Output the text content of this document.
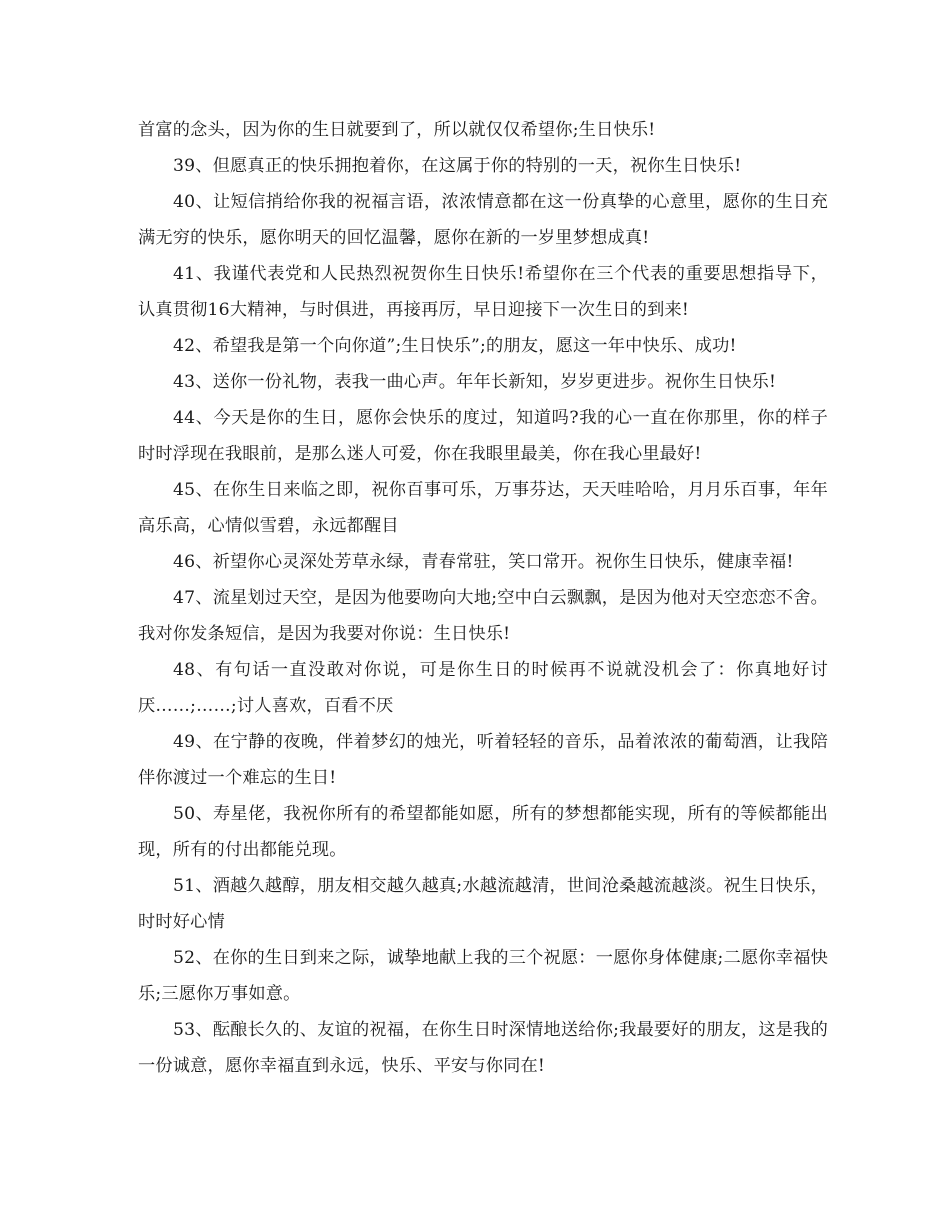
首富的念头，因为你的生日就要到了，所以就仅仅希望你;生日快乐!

39、但愿真正的快乐拥抱着你，在这属于你的特别的一天，祝你生日快乐!

40、让短信捎给你我的祝福言语，浓浓情意都在这一份真挚的心意里，愿你的生日充满无穷的快乐，愿你明天的回忆温馨，愿你在新的一岁里梦想成真!

41、我谨代表党和人民热烈祝贺你生日快乐!希望你在三个代表的重要思想指导下，认真贯彻16大精神，与时俱进，再接再厉，早日迎接下一次生日的到来!

42、希望我是第一个向你道”;生日快乐”;的朋友，愿这一年中快乐、成功!

43、送你一份礼物，表我一曲心声。年年长新知，岁岁更进步。祝你生日快乐!

44、今天是你的生日，愿你会快乐的度过，知道吗?我的心一直在你那里，你的样子时时浮现在我眼前，是那么迷人可爱，你在我眼里最美，你在我心里最好!

45、在你生日来临之即，祝你百事可乐，万事芬达，天天哇哈哈，月月乐百事，年年高乐高，心情似雪碧，永远都醒目

46、祈望你心灵深处芳草永绿，青春常驻，笑口常开。祝你生日快乐，健康幸福!

47、流星划过天空，是因为他要吻向大地;空中白云飘飘，是因为他对天空恋恋不舍。我对你发条短信，是因为我要对你说：生日快乐!

48、有句话一直没敢对你说，可是你生日的时候再不说就没机会了：你真地好讨厌……;……;讨人喜欢，百看不厌

49、在宁静的夜晚，伴着梦幻的烛光，听着轻轻的音乐，品着浓浓的葡萄酒，让我陪伴你渡过一个难忘的生日!

50、寿星佬，我祝你所有的希望都能如愿，所有的梦想都能实现，所有的等候都能出现，所有的付出都能兑现。

51、酒越久越醇，朋友相交越久越真;水越流越清，世间沧桑越流越淡。祝生日快乐，时时好心情

52、在你的生日到来之际，诚挚地献上我的三个祝愿：一愿你身体健康;二愿你幸福快乐;三愿你万事如意。

53、酝酿长久的、友谊的祝福，在你生日时深情地送给你;我最要好的朋友，这是我的一份诚意，愿你幸福直到永远，快乐、平安与你同在!
